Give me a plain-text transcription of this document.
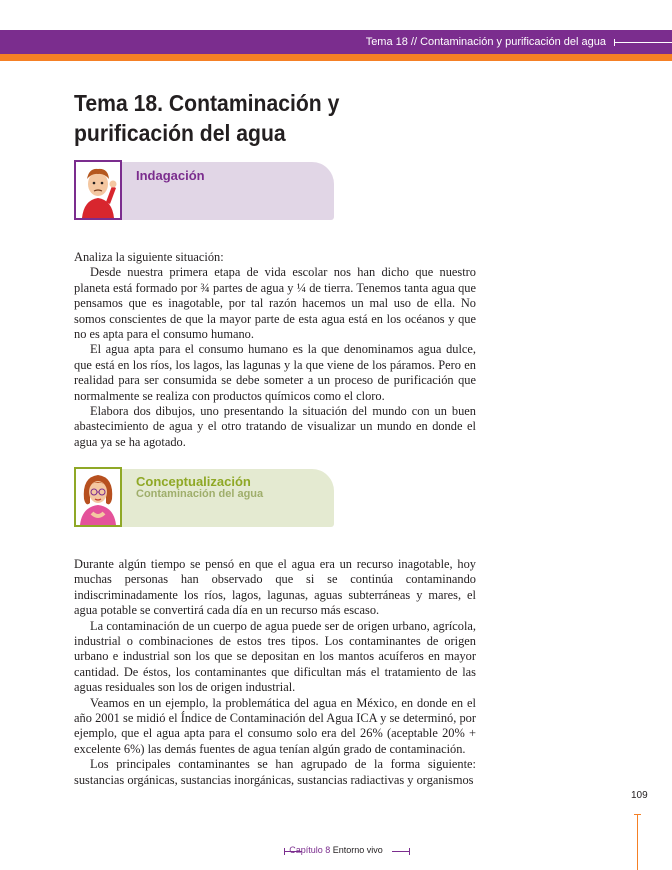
Tema 18 // Contaminación y purificación del agua
Tema 18. Contaminación y purificación del agua
Indagación

Analiza la siguiente situación:

Desde nuestra primera etapa de vida escolar nos han dicho que nuestro planeta está formado por ¾ partes de agua y ¼ de tierra. Tenemos tanta agua que pensamos que es inagotable, por tal razón hacemos un mal uso de ella. No somos conscientes de que la mayor parte de esta agua está en los océanos y que no es apta para el consumo humano.

El agua apta para el consumo humano es la que denominamos agua dulce, que está en los ríos, los lagos, las lagunas y la que viene de los páramos. Pero en realidad para ser consumida se debe someter a un proceso de purificación que normalmente se realiza con productos químicos como el cloro.

Elabora dos dibujos, uno presentando la situación del mundo con un buen abastecimiento de agua y el otro tratando de visualizar un mundo en donde el agua ya se ha agotado.

Conceptualización
Contaminación del agua

Durante algún tiempo se pensó en que el agua era un recurso inagotable, hoy muchas personas han observado que si se continúa contaminando indiscriminadamente los ríos, lagos, lagunas, aguas subterráneas y mares, el agua potable se convertirá cada día en un recurso más escaso.

La contaminación de un cuerpo de agua puede ser de origen urbano, agrícola, industrial o combinaciones de estos tres tipos. Los contaminantes de origen urbano e industrial son los que se depositan en los mantos acuíferos en mayor cantidad. De éstos, los contaminantes que dificultan más el tratamiento de las aguas residuales son los de origen industrial.

Veamos en un ejemplo, la problemática del agua en México, en donde en el año 2001 se midió el Índice de Contaminación del Agua ICA y se determinó, por ejemplo, que el agua apta para el consumo solo era del 26% (aceptable 20% + excelente 6%) las demás fuentes de agua tenían algún grado de contaminación.

Los principales contaminantes se han agrupado de la forma siguiente: sustancias orgánicas, sustancias inorgánicas, sustancias radiactivas y organismos

109
Capítulo 8 Entorno vivo
